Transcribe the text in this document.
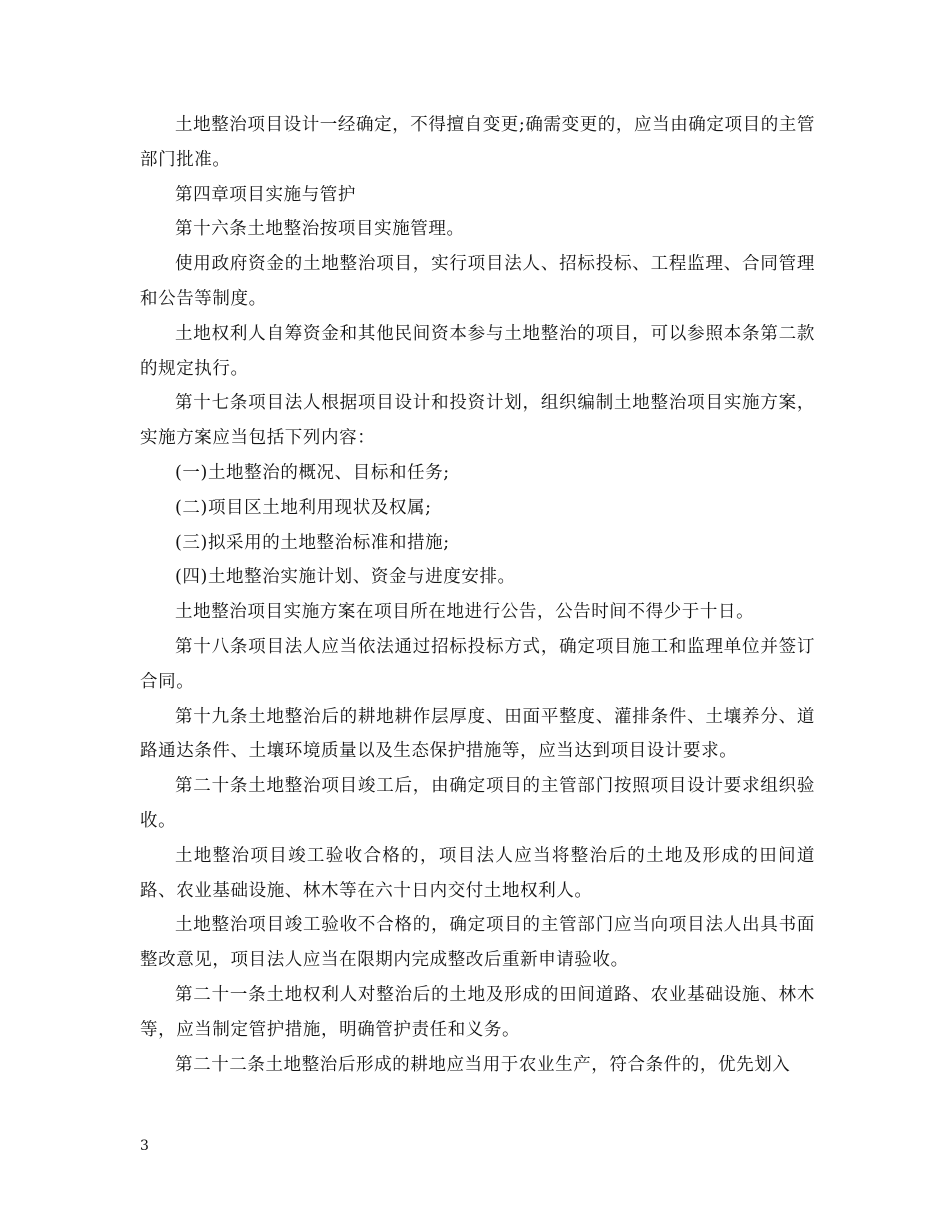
土地整治项目设计一经确定，不得擅自变更;确需变更的，应当由确定项目的主管部门批准。

第四章项目实施与管护

第十六条土地整治按项目实施管理。

使用政府资金的土地整治项目，实行项目法人、招标投标、工程监理、合同管理和公告等制度。

土地权利人自筹资金和其他民间资本参与土地整治的项目，可以参照本条第二款的规定执行。

第十七条项目法人根据项目设计和投资计划，组织编制土地整治项目实施方案，实施方案应当包括下列内容：

(一)土地整治的概况、目标和任务;

(二)项目区土地利用现状及权属;

(三)拟采用的土地整治标准和措施;

(四)土地整治实施计划、资金与进度安排。

土地整治项目实施方案在项目所在地进行公告，公告时间不得少于十日。

第十八条项目法人应当依法通过招标投标方式，确定项目施工和监理单位并签订合同。

第十九条土地整治后的耕地耕作层厚度、田面平整度、灌排条件、土壤养分、道路通达条件、土壤环境质量以及生态保护措施等，应当达到项目设计要求。

第二十条土地整治项目竣工后，由确定项目的主管部门按照项目设计要求组织验收。

土地整治项目竣工验收合格的，项目法人应当将整治后的土地及形成的田间道路、农业基础设施、林木等在六十日内交付土地权利人。

土地整治项目竣工验收不合格的，确定项目的主管部门应当向项目法人出具书面整改意见，项目法人应当在限期内完成整改后重新申请验收。

第二十一条土地权利人对整治后的土地及形成的田间道路、农业基础设施、林木等，应当制定管护措施，明确管护责任和义务。

第二十二条土地整治后形成的耕地应当用于农业生产，符合条件的，优先划入

3
